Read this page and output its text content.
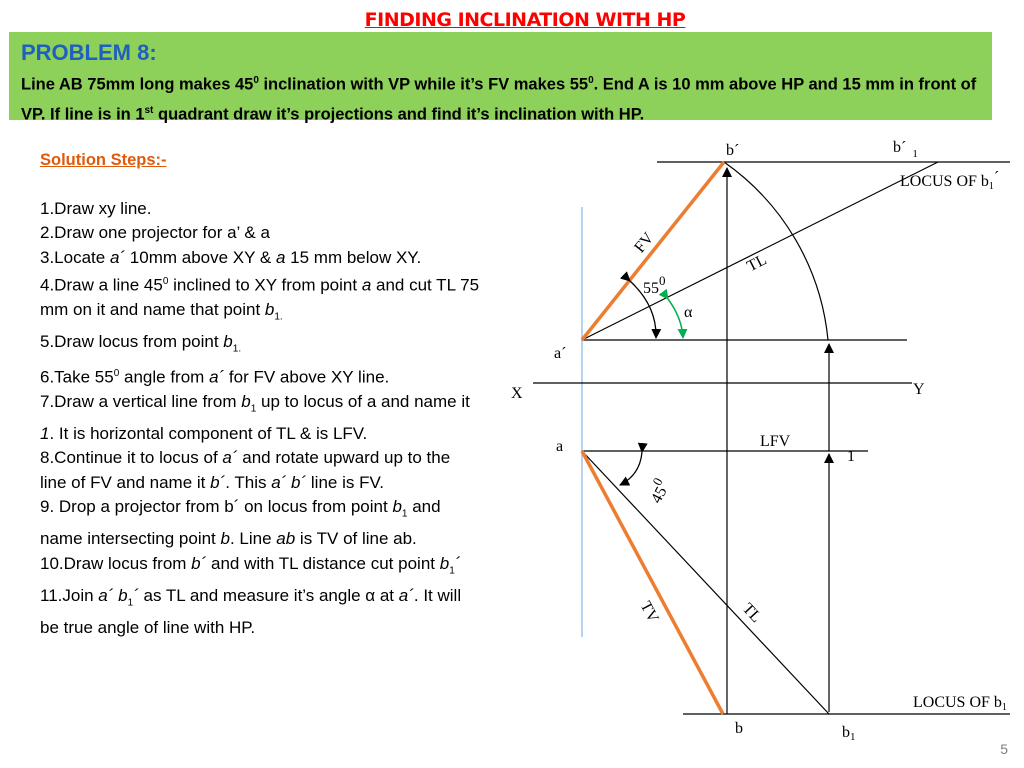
FINDING INCLINATION WITH HP
PROBLEM 8:
Line AB 75mm long makes $45^0$ inclination with VP while it’s FV makes $55^0$. End A is 10 mm above HP and 15 mm in front of VP. If line is in 1st quadrant draw it’s projections and find it’s inclination with HP.
Solution Steps:-
1.Draw xy line.
2.Draw one projector for a’ & a
3.Locate a´ 10mm above XY & a 15 mm below XY.
4.Draw a line $45^0$ inclined to XY from point a and cut TL 75 mm on it and name that point $b_{1.}$
5.Draw locus from point $b_{1.}$
6.Take $55^0$ angle from a´ for FV above XY line.
7.Draw a vertical line from $b_1$ up to locus of a and name it 1. It is horizontal component of TL & is LFV.
8.Continue it to locus of a´ and rotate upward up to the line of FV and name it b´. This a´ b´ line is FV.
9. Drop a projector from b´ on locus from point $b_1$ and name intersecting point b. Line ab is TV of line ab.
10.Draw locus from b´ and with TL distance cut point $b_1´$
11.Join a´ $b_1´$ as TL and measure it’s angle α at a´. It will be true angle of line with HP.
b´	b´ $_1$
LOCUS OF b1´
FV
TL
$55^0$
α
a´
X	Y
a	LFV
1
$45^0$
TV	TL
LOCUS OF b1
b	b1
5
